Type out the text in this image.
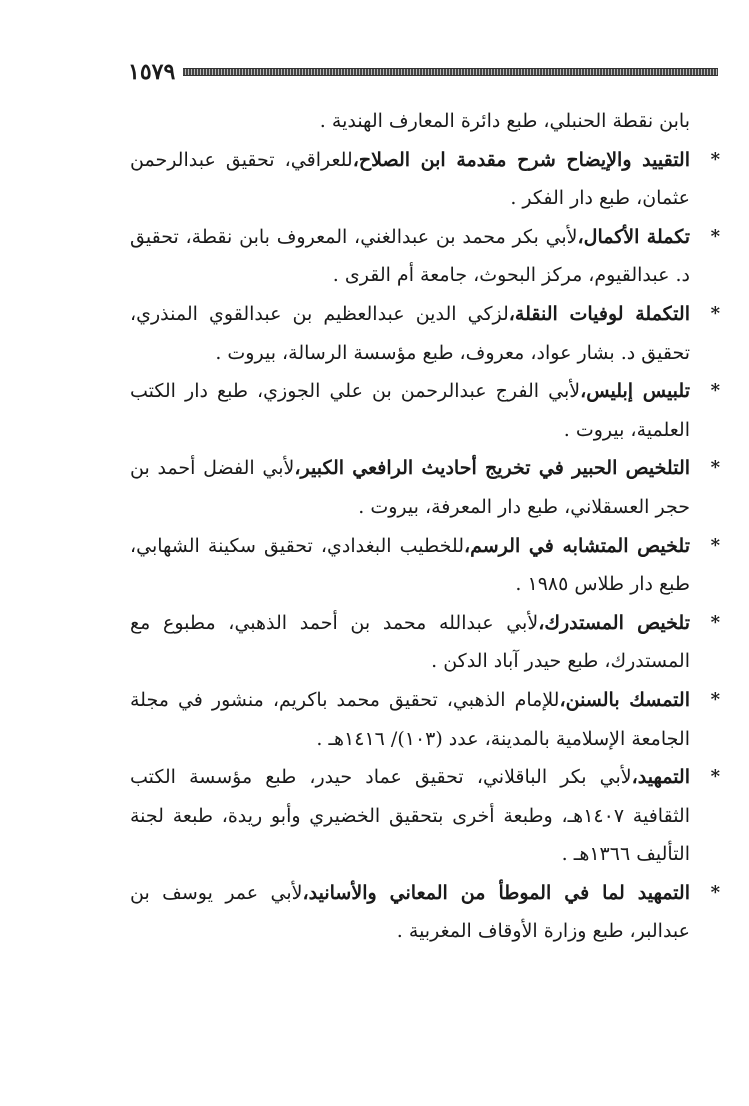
١٥٧٩

بابن نقطة الحنبلي، طبع دائرة المعارف الهندية .

*
التقييد والإيضاح شرح مقدمة ابن الصلاح،للعراقي، تحقيق عبدالرحمن عثمان، طبع دار الفكر .

*
تكملة الأكمال،لأبي بكر محمد بن عبدالغني، المعروف بابن نقطة، تحقيق د. عبدالقيوم، مركز البحوث، جامعة أم القرى .

*
التكملة لوفيات النقلة،لزكي الدين عبدالعظيم بن عبدالقوي المنذري، تحقيق د. بشار عواد، معروف، طبع مؤسسة الرسالة، بيروت .

*
تلبيس إبليس،لأبي الفرج عبدالرحمن بن علي الجوزي، طبع دار الكتب العلمية، بيروت .

*
التلخيص الحبير في تخريج أحاديث الرافعي الكبير،لأبي الفضل أحمد بن حجر العسقلاني، طبع دار المعرفة، بيروت .

*
تلخيص المتشابه في الرسم،للخطيب البغدادي، تحقيق سكينة الشهابي، طبع دار طلاس ١٩٨٥ .

*
تلخيص المستدرك،لأبي عبدالله محمد بن أحمد الذهبي، مطبوع مع المستدرك، طبع حيدر آباد الدكن .

*
التمسك بالسنن،للإمام الذهبي، تحقيق محمد باكريم، منشور في مجلة الجامعة الإسلامية بالمدينة، عدد (١٠٣)/ ١٤١٦هـ .

*
التمهيد،لأبي بكر الباقلاني، تحقيق عماد حيدر، طبع مؤسسة الكتب الثقافية ١٤٠٧هـ، وطبعة أخرى بتحقيق الخضيري وأبو ريدة، طبعة لجنة التأليف ١٣٦٦هـ .

*
التمهيد لما في الموطأ من المعاني والأسانيد،لأبي عمر يوسف بن عبدالبر، طبع وزارة الأوقاف المغربية .
